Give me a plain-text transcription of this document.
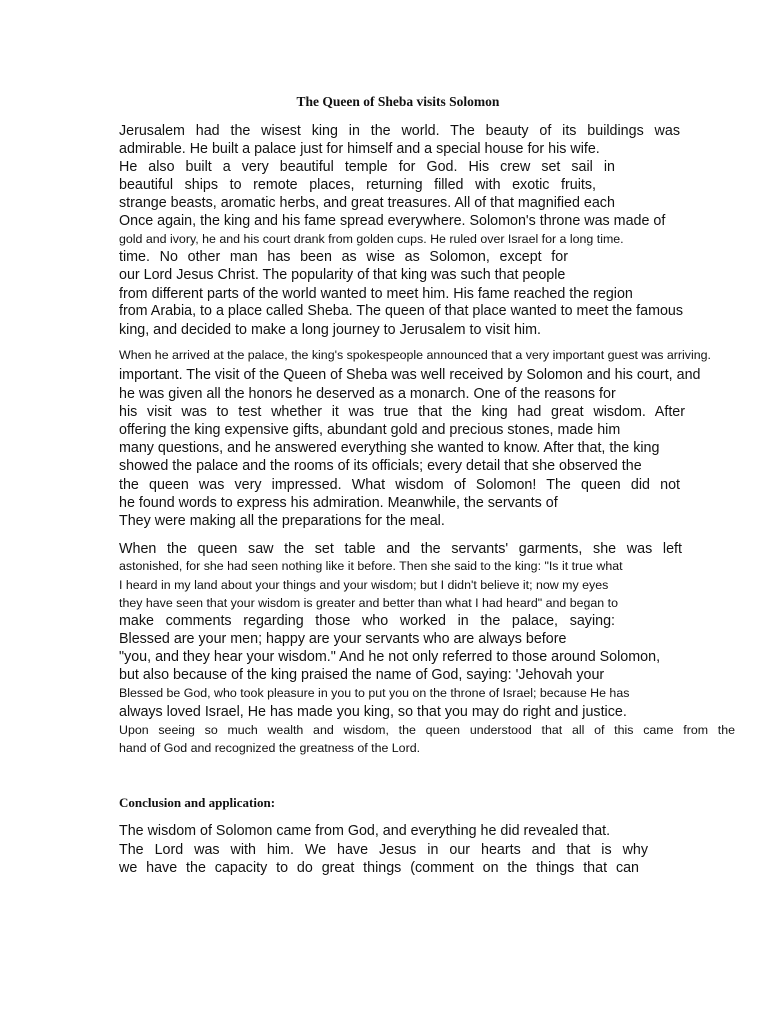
The Queen of Sheba visits Solomon
Jerusalem had the wisest king in the world. The beauty of its buildings was
admirable. He built a palace just for himself and a special house for his wife.
He also built a very beautiful temple for God. His crew set sail in
beautiful ships to remote places, returning filled with exotic fruits,
strange beasts, aromatic herbs, and great treasures. All of that magnified each
Once again, the king and his fame spread everywhere. Solomon's throne was made of
gold and ivory, he and his court drank from golden cups. He ruled over Israel for a long time.
time. No other man has been as wise as Solomon, except for
our Lord Jesus Christ. The popularity of that king was such that people
from different parts of the world wanted to meet him. His fame reached the region
from Arabia, to a place called Sheba. The queen of that place wanted to meet the famous
king, and decided to make a long journey to Jerusalem to visit him.
When he arrived at the palace, the king's spokespeople announced that a very important guest was arriving.
important. The visit of the Queen of Sheba was well received by Solomon and his court, and
he was given all the honors he deserved as a monarch. One of the reasons for
his visit was to test whether it was true that the king had great wisdom. After
offering the king expensive gifts, abundant gold and precious stones, made him
many questions, and he answered everything she wanted to know. After that, the king
showed the palace and the rooms of its officials; every detail that she observed the
the queen was very impressed. What wisdom of Solomon! The queen did not
he found words to express his admiration. Meanwhile, the servants of
They were making all the preparations for the meal.
When the queen saw the set table and the servants' garments, she was left
astonished, for she had seen nothing like it before. Then she said to the king: "Is it true what
I heard in my land about your things and your wisdom; but I didn't believe it; now my eyes
they have seen that your wisdom is greater and better than what I had heard" and began to
make comments regarding those who worked in the palace, saying:
Blessed are your men; happy are your servants who are always before
"you, and they hear your wisdom." And he not only referred to those around Solomon,
but also because of the king praised the name of God, saying: 'Jehovah your
Blessed be God, who took pleasure in you to put you on the throne of Israel; because He has
always loved Israel, He has made you king, so that you may do right and justice.
Upon seeing so much wealth and wisdom, the queen understood that all of this came from the
hand of God and recognized the greatness of the Lord.
Conclusion and application:
The wisdom of Solomon came from God, and everything he did revealed that.
The Lord was with him. We have Jesus in our hearts and that is why
we have the capacity to do great things (comment on the things that can
